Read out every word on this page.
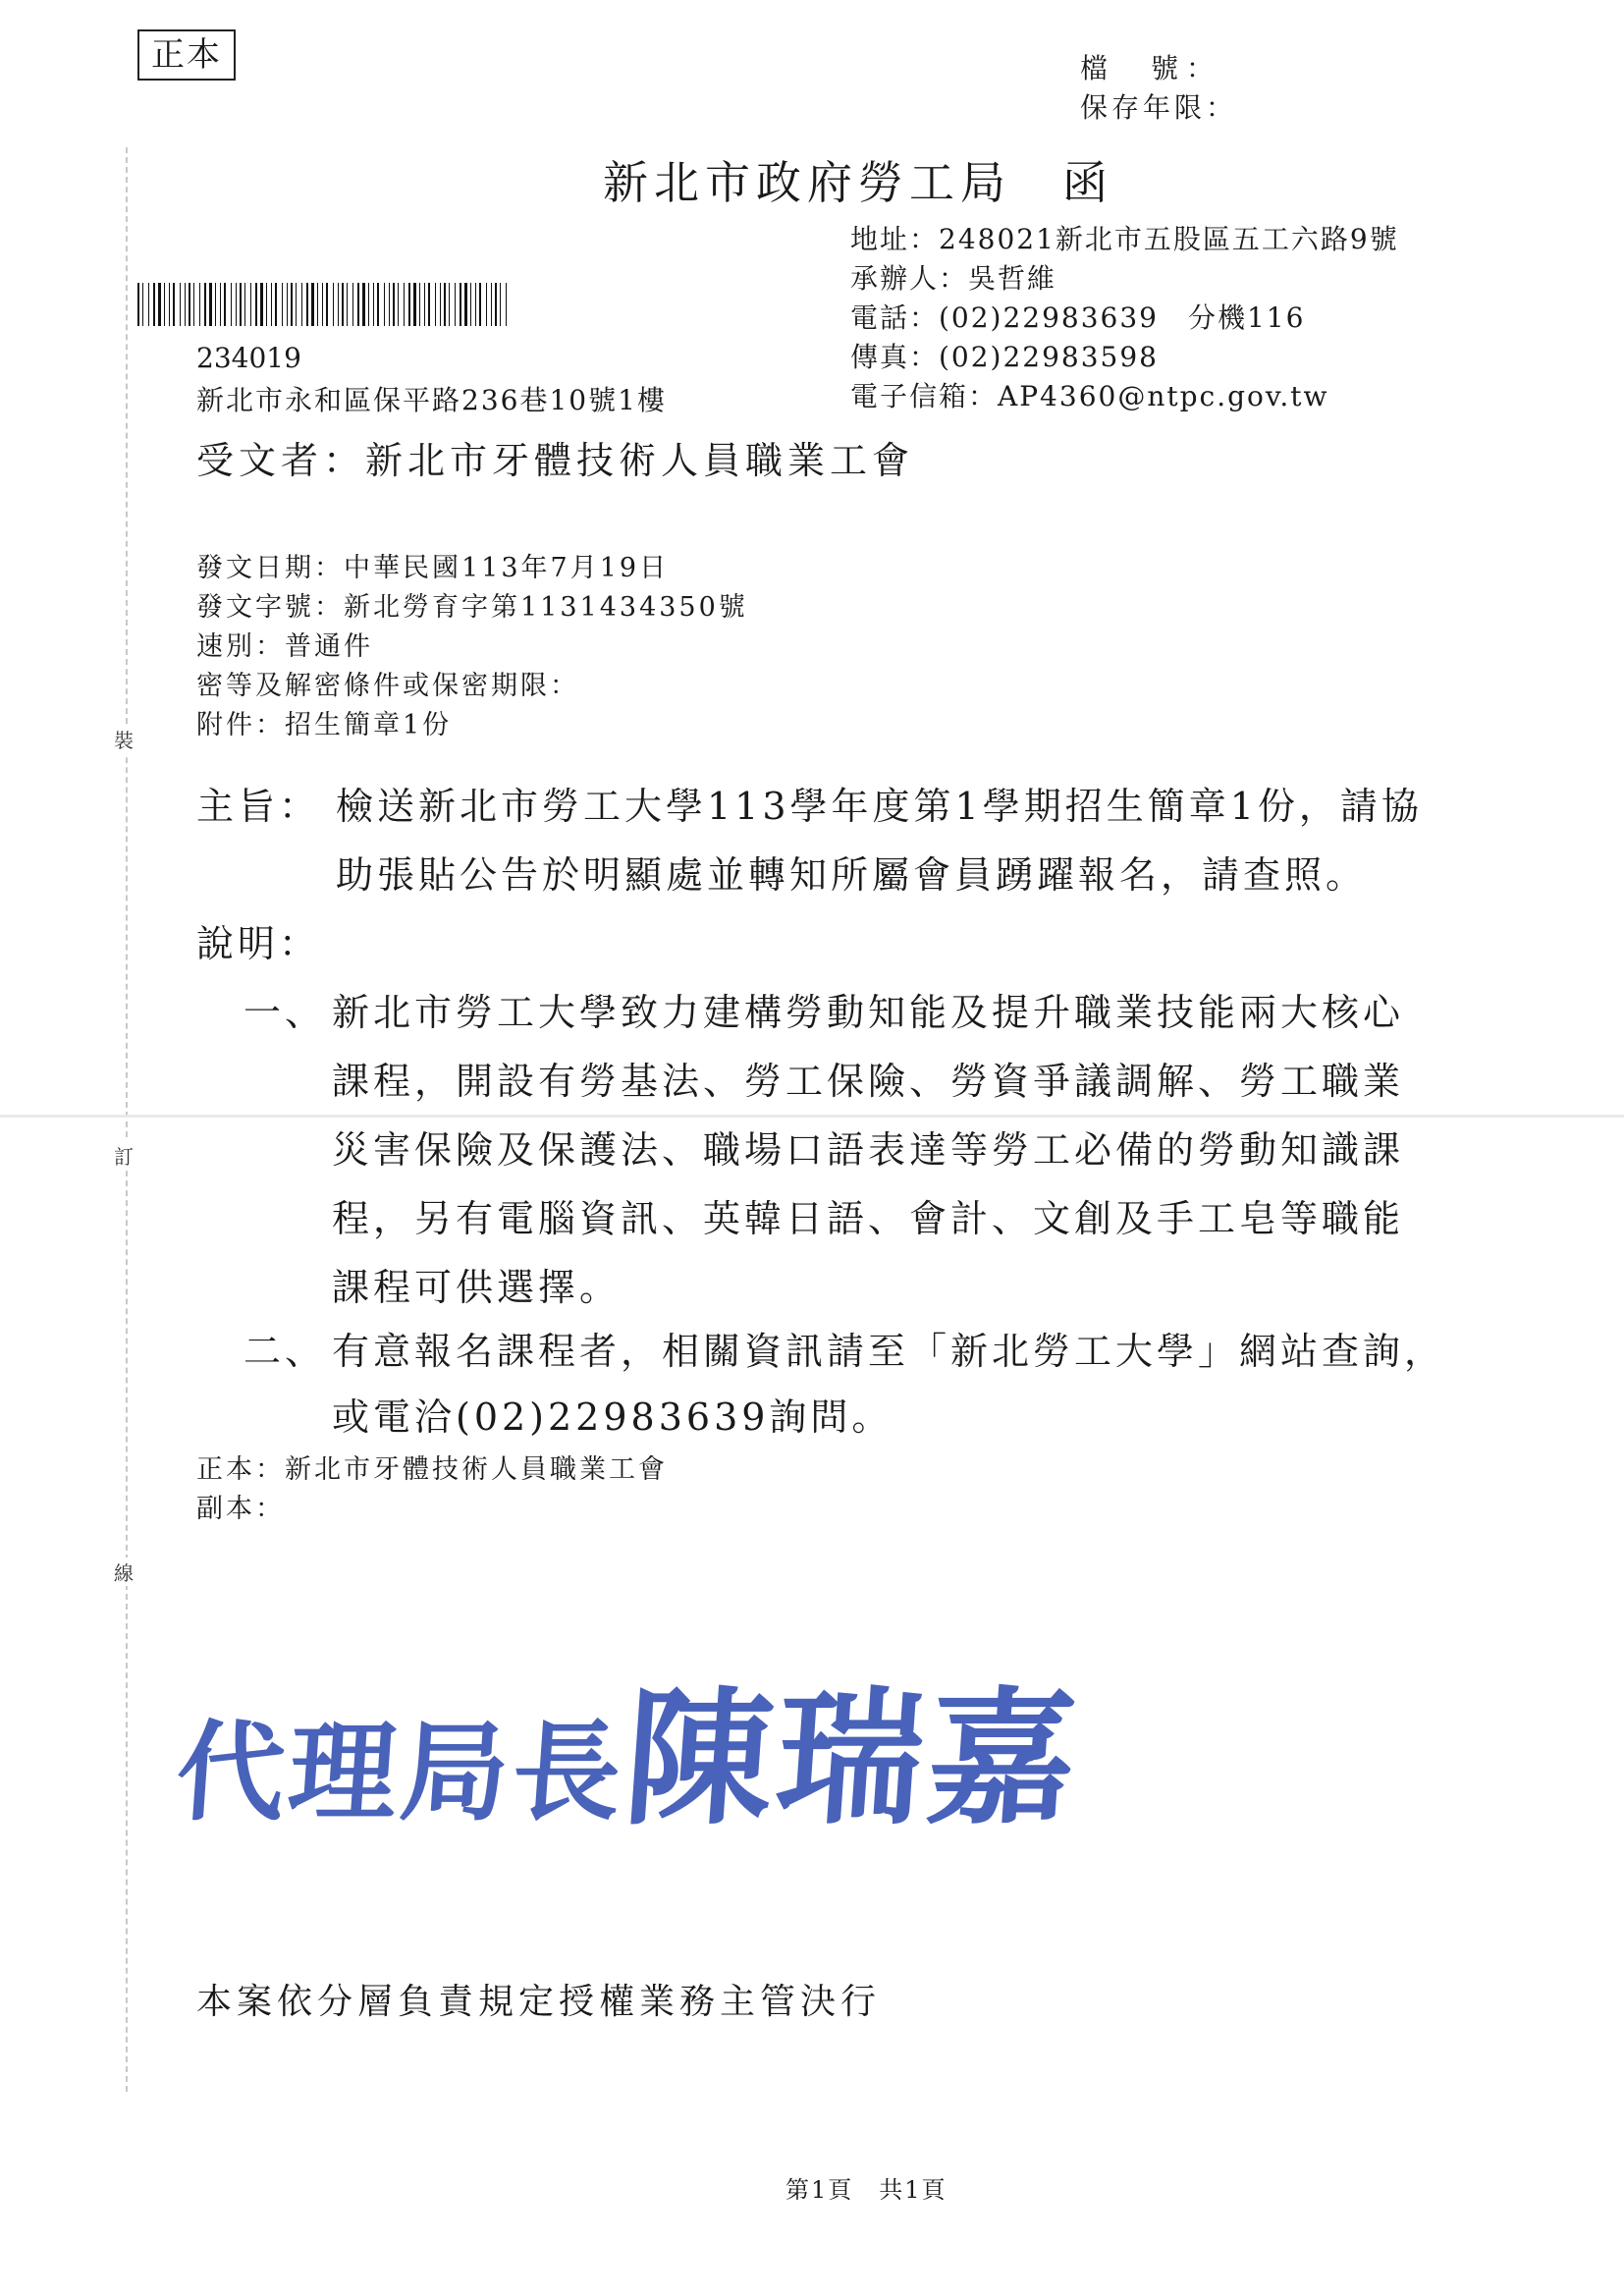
裝
訂
線
正本	檔　號：
保存年限：
新北市政府勞工局　函
地址：248021新北市五股區五工六路9號
承辦人：吳哲維
電話：(02)22983639　分機116
傳真：(02)22983598
電子信箱：AP4360@ntpc.gov.tw
234019
新北市永和區保平路236巷10號1樓
受文者：新北市牙體技術人員職業工會
發文日期：中華民國113年7月19日
發文字號：新北勞育字第1131434350號
速別：普通件
密等及解密條件或保密期限：
附件：招生簡章1份
主旨： 檢送新北市勞工大學113學年度第1學期招生簡章1份，請協
助張貼公告於明顯處並轉知所屬會員踴躍報名，請查照。
說明：
一、 新北市勞工大學致力建構勞動知能及提升職業技能兩大核心
課程，開設有勞基法、勞工保險、勞資爭議調解、勞工職業
災害保險及保護法、職場口語表達等勞工必備的勞動知識課
程，另有電腦資訊、英韓日語、會計、文創及手工皂等職能
課程可供選擇。
二、 有意報名課程者，相關資訊請至「新北勞工大學」網站查詢，
或電洽(02)22983639詢問。
正本：新北市牙體技術人員職業工會
副本：
代理局長陳瑞嘉
本案依分層負責規定授權業務主管決行
第1頁　共1頁
